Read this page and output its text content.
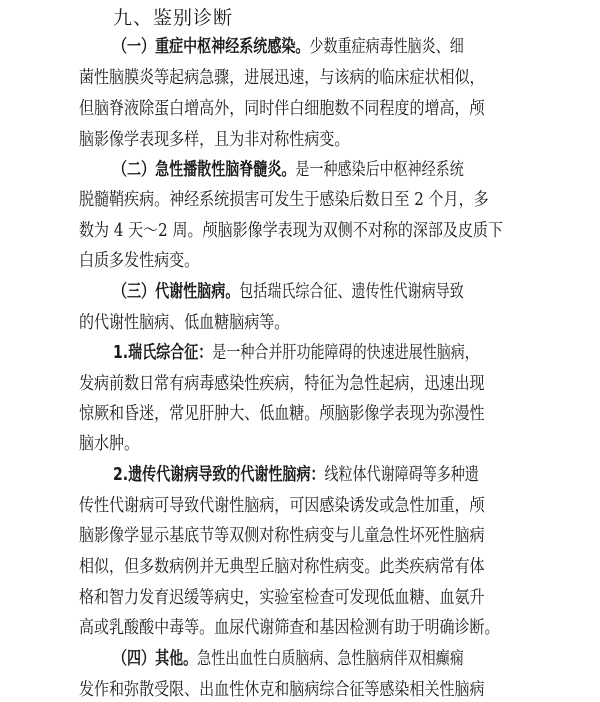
九、鉴别诊断
（一）重症中枢神经系统感染。少数重症病毒性脑炎、细
菌性脑膜炎等起病急骤，进展迅速，与该病的临床症状相似，
但脑脊液除蛋白增高外，同时伴白细胞数不同程度的增高，颅
脑影像学表现多样，且为非对称性病变。
（二）急性播散性脑脊髓炎。是一种感染后中枢神经系统
脱髓鞘疾病。神经系统损害可发生于感染后数日至 2 个月，多
数为 4 天～2 周。颅脑影像学表现为双侧不对称的深部及皮质下
白质多发性病变。
（三）代谢性脑病。包括瑞氏综合征、遗传性代谢病导致
的代谢性脑病、低血糖脑病等。
1.瑞氏综合征：是一种合并肝功能障碍的快速进展性脑病，
发病前数日常有病毒感染性疾病，特征为急性起病，迅速出现
惊厥和昏迷，常见肝肿大、低血糖。颅脑影像学表现为弥漫性
脑水肿。
2.遗传代谢病导致的代谢性脑病：线粒体代谢障碍等多种遗
传性代谢病可导致代谢性脑病，可因感染诱发或急性加重，颅
脑影像学显示基底节等双侧对称性病变与儿童急性坏死性脑病
相似，但多数病例并无典型丘脑对称性病变。此类疾病常有体
格和智力发育迟缓等病史，实验室检查可发现低血糖、血氨升
高或乳酸酸中毒等。血尿代谢筛查和基因检测有助于明确诊断。
（四）其他。急性出血性白质脑病、急性脑病伴双相癫痫
发作和弥散受限、出血性休克和脑病综合征等感染相关性脑病
